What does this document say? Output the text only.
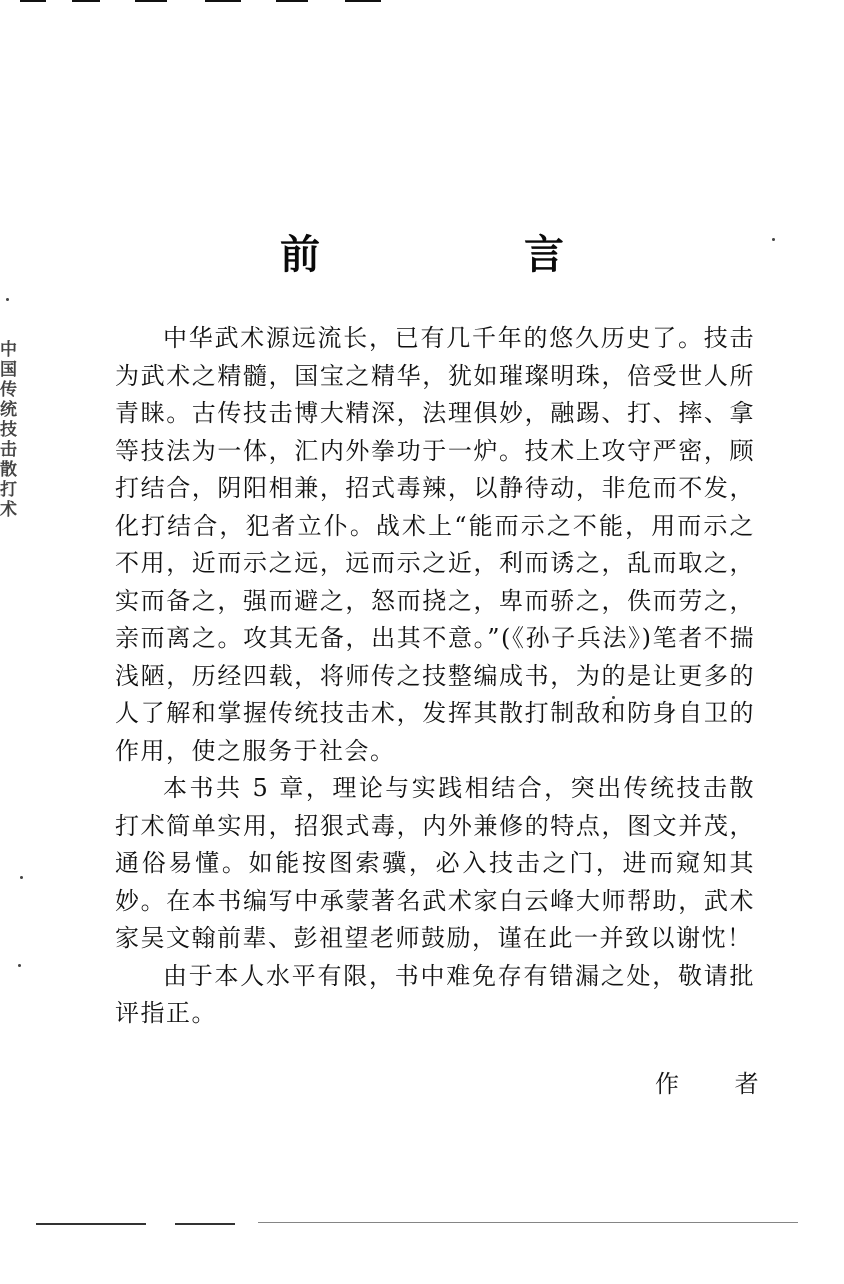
中国传统技击散打术
前 言

中华武术源远流长，已有几千年的悠久历史了。技击为武术之精髓，国宝之精华，犹如璀璨明珠，倍受世人所青睐。古传技击博大精深，法理俱妙，融踢、打、摔、拿等技法为一体，汇内外拳功于一炉。技术上攻守严密，顾打结合，阴阳相兼，招式毒辣，以静待动，非危而不发，化打结合，犯者立仆。战术上“能而示之不能，用而示之不用，近而示之远，远而示之近，利而诱之，乱而取之，实而备之，强而避之，怒而挠之，卑而骄之，佚而劳之，亲而离之。攻其无备，出其不意。”(《孙子兵法》)笔者不揣浅陋，历经四载，将师传之技整编成书，为的是让更多的人了解和掌握传统技击术，发挥其散打制敌和防身自卫的作用，使之服务于社会。

本书共 5 章，理论与实践相结合，突出传统技击散打术简单实用，招狠式毒，内外兼修的特点，图文并茂，通俗易懂。如能按图索骥，必入技击之门，进而窥知其妙。在本书编写中承蒙著名武术家白云峰大师帮助，武术家吴文翰前辈、彭祖望老师鼓励，谨在此一并致以谢忱！

由于本人水平有限，书中难免存有错漏之处，敬请批评指正。

作 者
